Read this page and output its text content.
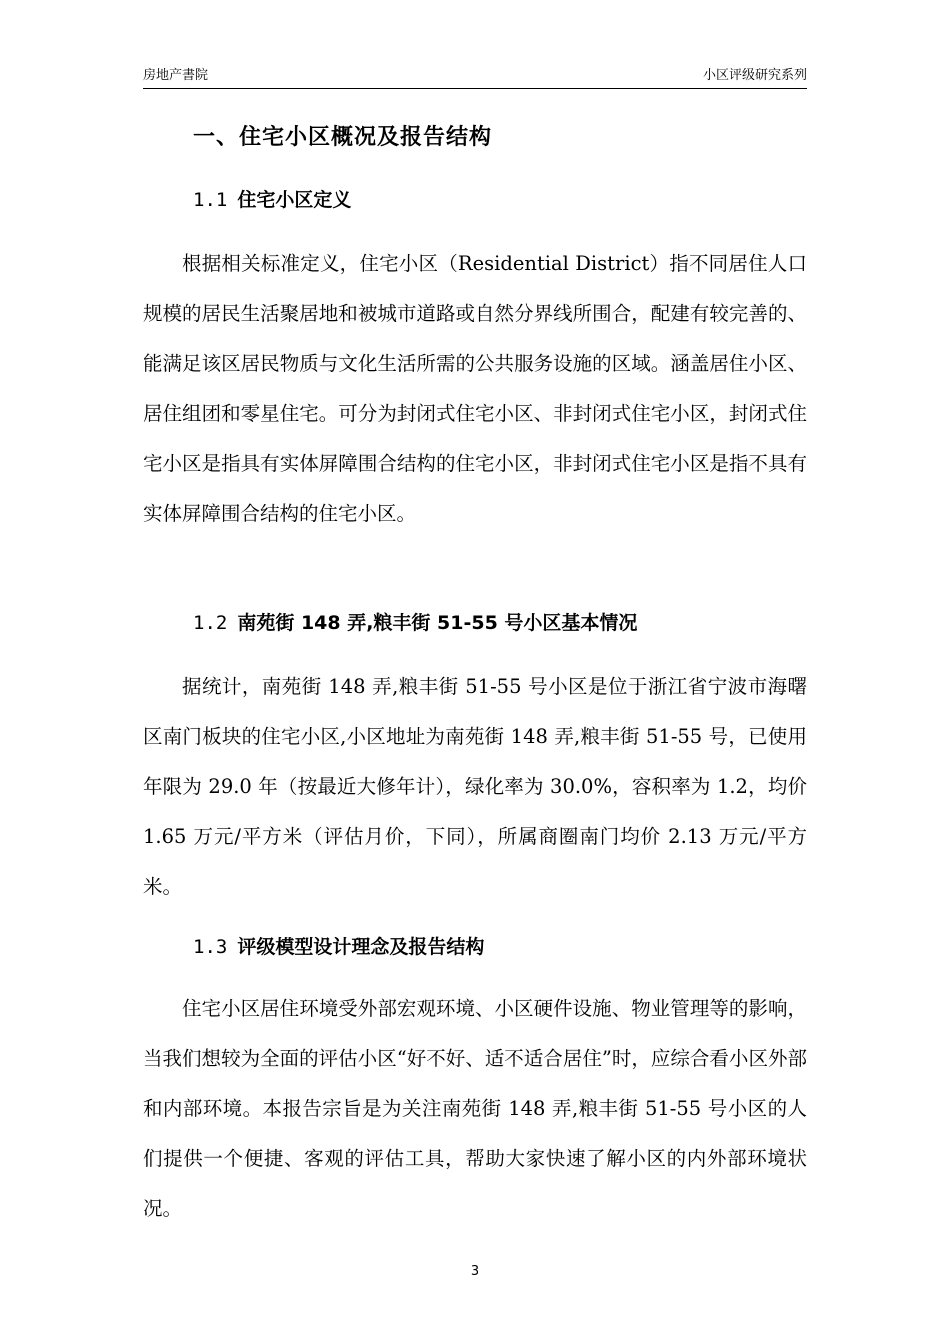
房地产書院	小区评级研究系列
一、住宅小区概况及报告结构
1.1 住宅小区定义

根据相关标准定义，住宅小区（Residential District）指不同居住人口规模的居民生活聚居地和被城市道路或自然分界线所围合，配建有较完善的、能满足该区居民物质与文化生活所需的公共服务设施的区域。涵盖居住小区、居住组团和零星住宅。可分为封闭式住宅小区、非封闭式住宅小区，封闭式住宅小区是指具有实体屏障围合结构的住宅小区，非封闭式住宅小区是指不具有实体屏障围合结构的住宅小区。

1.2 南苑街 148 弄,粮丰街 51-55 号小区基本情况

据统计，南苑街 148 弄,粮丰街 51-55 号小区是位于浙江省宁波市海曙区南门板块的住宅小区,小区地址为南苑街 148 弄,粮丰街 51-55 号，已使用年限为 29.0 年（按最近大修年计），绿化率为 30.0%，容积率为 1.2，均价 1.65 万元/平方米（评估月价，下同），所属商圈南门均价 2.13 万元/平方米。

1.3 评级模型设计理念及报告结构

住宅小区居住环境受外部宏观环境、小区硬件设施、物业管理等的影响，当我们想较为全面的评估小区“好不好、适不适合居住”时，应综合看小区外部和内部环境。本报告宗旨是为关注南苑街 148 弄,粮丰街 51-55 号小区的人们提供一个便捷、客观的评估工具，帮助大家快速了解小区的内外部环境状况。

3
